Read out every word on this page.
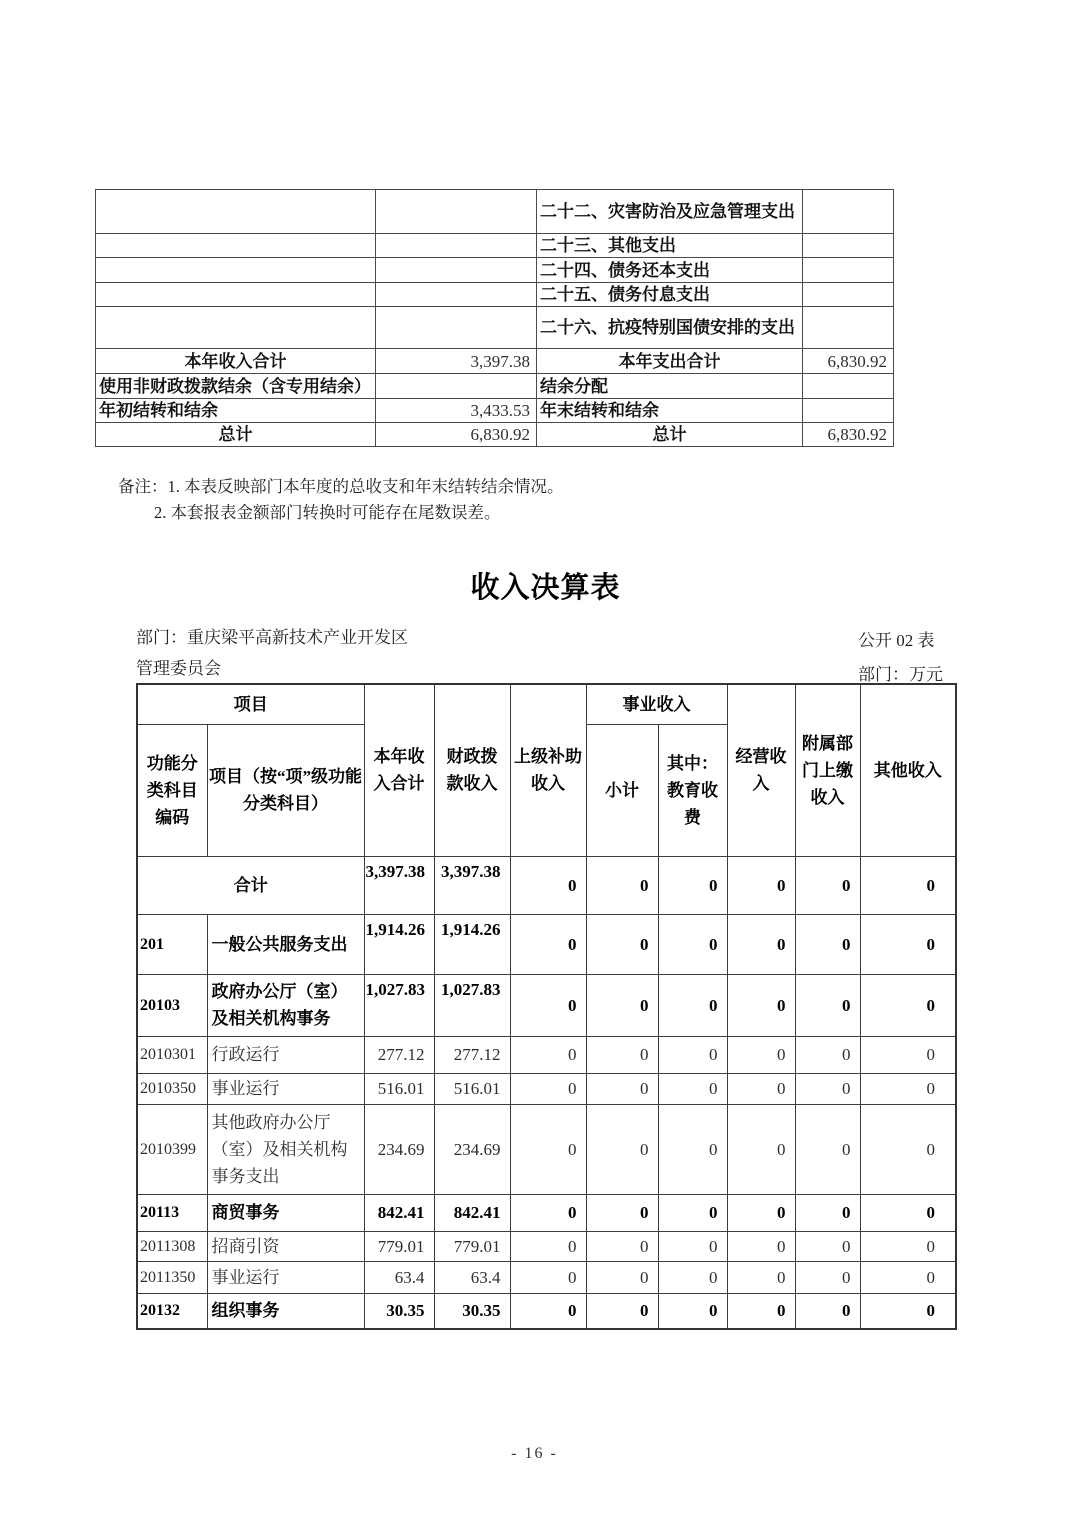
		二十二、灾害防治及应急管理支出	
		二十三、其他支出	
		二十四、债务还本支出	
		二十五、债务付息支出	
		二十六、抗疫特别国债安排的支出	
本年收入合计	3,397.38	本年支出合计	6,830.92
使用非财政拨款结余（含专用结余）		结余分配	
年初结转和结余	3,433.53	年末结转和结余	
总计	6,830.92	总计	6,830.92
备注：1. 本表反映部门本年度的总收支和年末结转结余情况。
2. 本套报表金额部门转换时可能存在尾数误差。
收入决算表
部门：重庆梁平高新技术产业开发区
管理委员会
公开 02 表
部门：万元
项目		本年收入合计	财政拨款收入	上级补助收入	事业收入		经营收入	附属部门上缴收入	其他收入
功能分类科目编码	项目（按“项”级功能分类科目）				小计	其中：教育收费			
合计		3,397.38	3,397.38	0	0	0	0	0	0
201	一般公共服务支出	1,914.26	1,914.26	0	0	0	0	0	0
20103	政府办公厅（室）及相关机构事务	1,027.83	1,027.83	0	0	0	0	0	0
2010301	行政运行	277.12	277.12	0	0	0	0	0	0
2010350	事业运行	516.01	516.01	0	0	0	0	0	0
2010399	其他政府办公厅（室）及相关机构事务支出	234.69	234.69	0	0	0	0	0	0
20113	商贸事务	842.41	842.41	0	0	0	0	0	0
2011308	招商引资	779.01	779.01	0	0	0	0	0	0
2011350	事业运行	63.4	63.4	0	0	0	0	0	0
20132	组织事务	30.35	30.35	0	0	0	0	0	0
- 16 -
